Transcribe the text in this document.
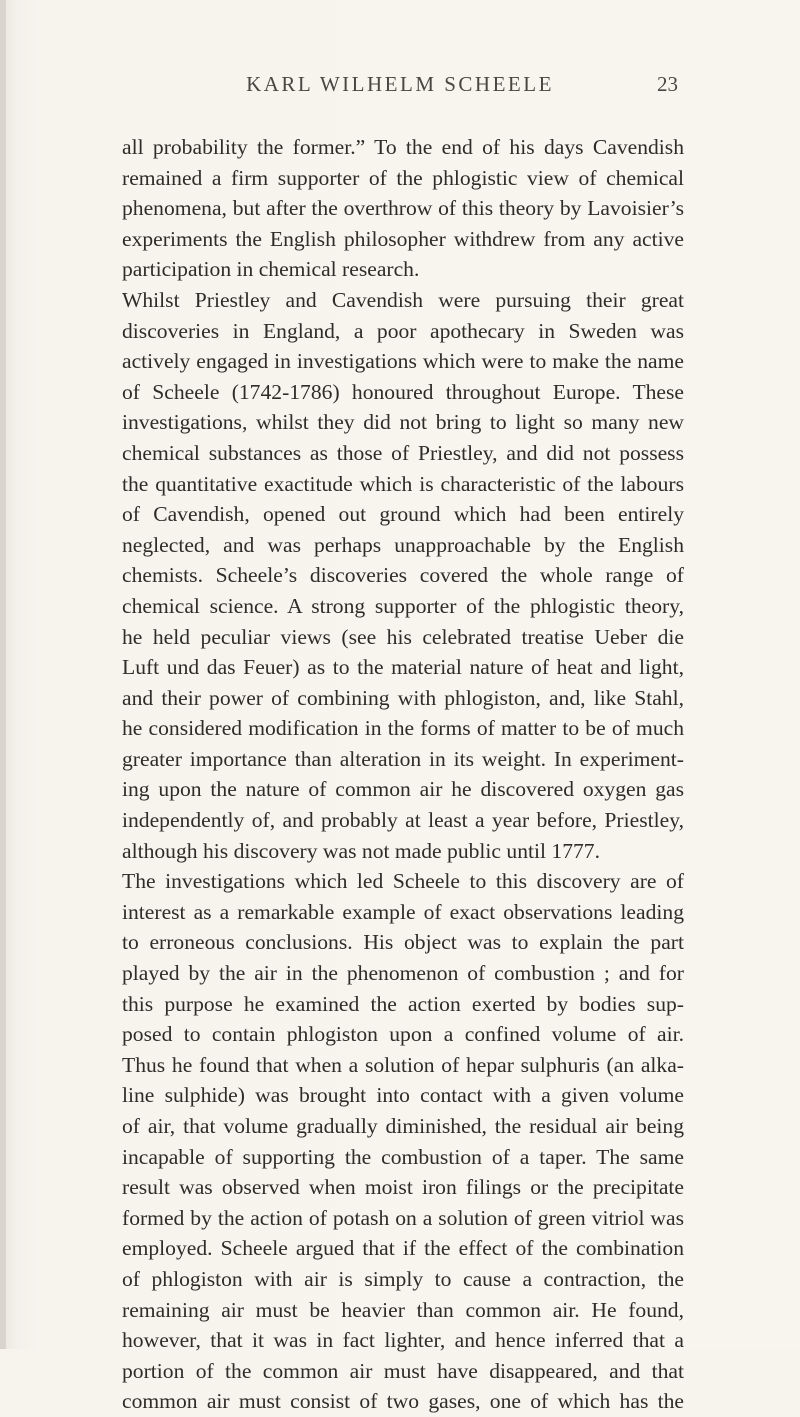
KARL WILHELM SCHEELE	23
all probability the former.” To the end of his days Cavendish
remained a firm supporter of the phlogistic view of chemical
phenomena, but after the overthrow of this theory by Lavoisier’s
experiments the English philosopher withdrew from any active
participation in chemical research.
Whilst Priestley and Cavendish were pursuing their great
discoveries in England, a poor apothecary in Sweden was
actively engaged in investigations which were to make the name
of Scheele (1742-1786) honoured throughout Europe. These
investigations, whilst they did not bring to light so many new
chemical substances as those of Priestley, and did not possess
the quantitative exactitude which is characteristic of the labours
of Cavendish, opened out ground which had been entirely
neglected, and was perhaps unapproachable by the English
chemists. Scheele’s discoveries covered the whole range of
chemical science. A strong supporter of the phlogistic theory,
he held peculiar views (see his celebrated treatise Ueber die
Luft und das Feuer) as to the material nature of heat and light,
and their power of combining with phlogiston, and, like Stahl,
he considered modification in the forms of matter to be of much
greater importance than alteration in its weight. In experiment-
ing upon the nature of common air he discovered oxygen gas
independently of, and probably at least a year before, Priestley,
although his discovery was not made public until 1777.
The investigations which led Scheele to this discovery are of
interest as a remarkable example of exact observations leading
to erroneous conclusions. His object was to explain the part
played by the air in the phenomenon of combustion ; and for
this purpose he examined the action exerted by bodies sup-
posed to contain phlogiston upon a confined volume of air.
Thus he found that when a solution of hepar sulphuris (an alka-
line sulphide) was brought into contact with a given volume
of air, that volume gradually diminished, the residual air being
incapable of supporting the combustion of a taper. The same
result was observed when moist iron filings or the precipitate
formed by the action of potash on a solution of green vitriol was
employed. Scheele argued that if the effect of the combination
of phlogiston with air is simply to cause a contraction, the
remaining air must be heavier than common air. He found,
however, that it was in fact lighter, and hence inferred that a
portion of the common air must have disappeared, and that
common air must consist of two gases, one of which has the
